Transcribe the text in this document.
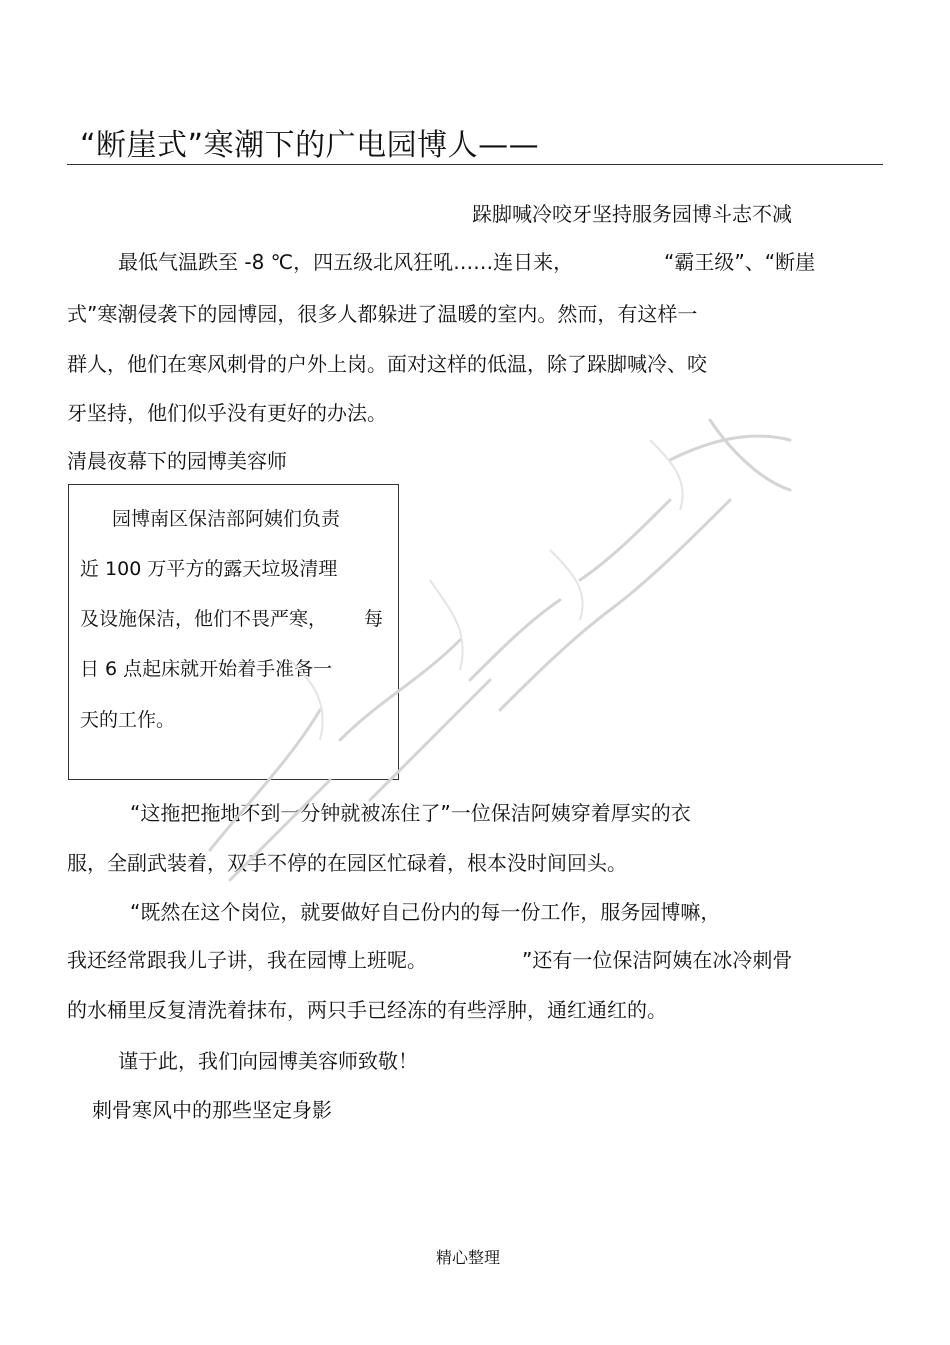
“断崖式”寒潮下的广电园博人——
跺脚喊冷咬牙坚持服务园博斗志不减
最低气温跌至 -8 ℃，四五级北风狂吼……连日来，	“霸王级”、“断崖
式”寒潮侵袭下的园博园，很多人都躲进了温暖的室内。然而，有这样一
群人，他们在寒风刺骨的户外上岗。面对这样的低温，除了跺脚喊冷、咬
牙坚持，他们似乎没有更好的办法。
清晨夜幕下的园博美容师
园博南区保洁部阿姨们负责
近 100 万平方的露天垃圾清理
及设施保洁，他们不畏严寒， 每
日 6 点起床就开始着手准备一
天的工作。
“这拖把拖地不到一分钟就被冻住了”一位保洁阿姨穿着厚实的衣
服，全副武装着，双手不停的在园区忙碌着，根本没时间回头。
“既然在这个岗位，就要做好自己份内的每一份工作，服务园博嘛，
我还经常跟我儿子讲，我在园博上班呢。	”还有一位保洁阿姨在冰冷刺骨
的水桶里反复清洗着抹布，两只手已经冻的有些浮肿，通红通红的。
谨于此，我们向园博美容师致敬！
刺骨寒风中的那些坚定身影
精心整理
